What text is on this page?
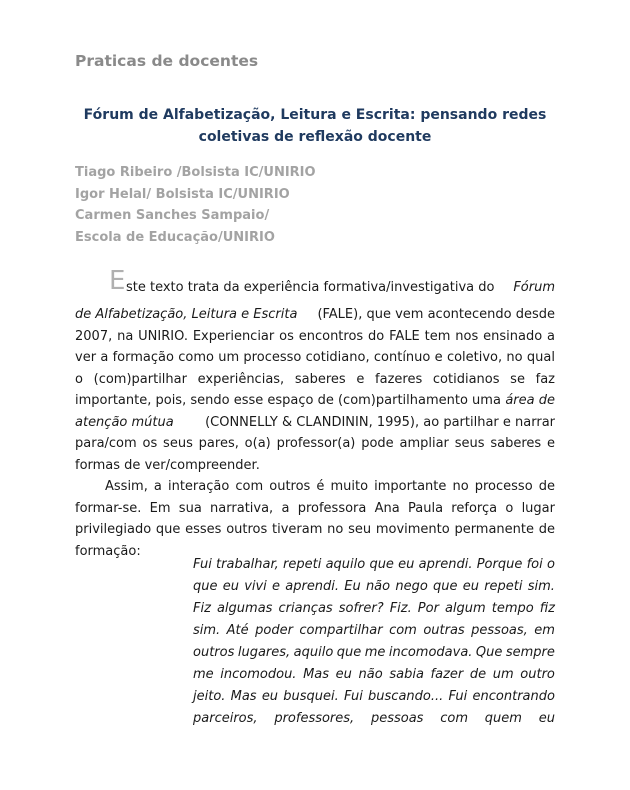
Praticas de docentes
Fórum de Alfabetização, Leitura e Escrita: pensando redes
coletivas de reflexão docente
Tiago Ribeiro /Bolsista IC/UNIRIO
Igor Helal/ Bolsista IC/UNIRIO
Carmen Sanches Sampaio/
Escola de Educação/UNIRIO
E ste texto trata da experiência formativa/investigativa do Fórum
de Alfabetização, Leitura e Escrita (FALE), que vem acontecendo desde
2007, na UNIRIO. Experienciar os encontros do FALE tem nos ensinado a
ver a formação como um processo cotidiano, contínuo e coletivo, no qual
o (com)partilhar experiências, saberes e fazeres cotidianos se faz
importante, pois, sendo esse espaço de (com)partilhamento uma área de
atenção mútua (CONNELLY & CLANDININ, 1995), ao partilhar e narrar
para/com os seus pares, o(a) professor(a) pode ampliar seus saberes e
formas de ver/compreender.
Assim, a interação com outros é muito importante no processo de
formar-se. Em sua narrativa, a professora Ana Paula reforça o lugar
privilegiado que esses outros tiveram no seu movimento permanente de
formação:
Fui trabalhar, repeti aquilo que eu aprendi. Porque foi o
que eu vivi e aprendi. Eu não nego que eu repeti sim.
Fiz algumas crianças sofrer? Fiz. Por algum tempo fiz
sim. Até poder compartilhar com outras pessoas, em
outros lugares, aquilo que me incomodava. Que sempre
me incomodou. Mas eu não sabia fazer de um outro
jeito. Mas eu busquei. Fui buscando... Fui encontrando
parceiros, professores, pessoas com quem eu
